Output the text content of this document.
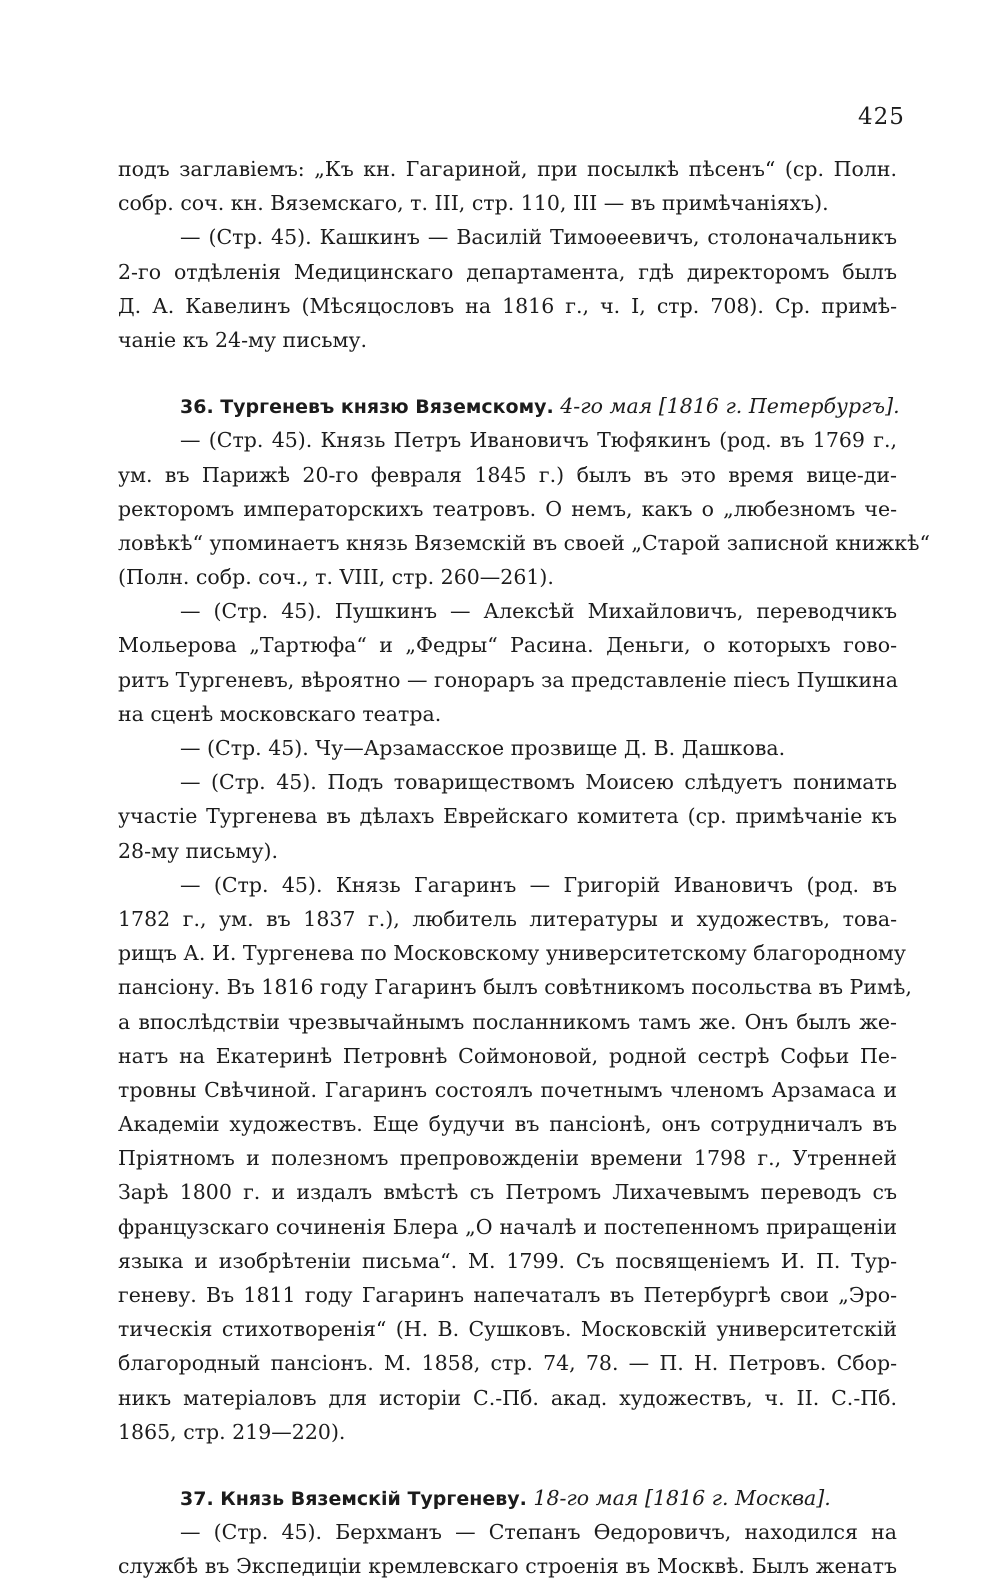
425
подъ заглавіемъ: „Къ кн. Гагариной, при посылкѣ пѣсенъ“ (ср. Полн.
собр. соч. кн. Вяземскаго, т. III, стр. 110, III — въ примѣчаніяхъ).
— (Стр. 45). Кашкинъ — Василій Тимоѳеевичъ, столоначальникъ
2-го отдѣленія Медицинскаго департамента, гдѣ директоромъ былъ
Д. А. Кавелинъ (Мѣсяцословъ на 1816 г., ч. I, стр. 708). Ср. примѣ-
чаніе къ 24-му письму.
36. Тургеневъ князю Вяземскому. 4-го мая [1816 г. Петербургъ].
— (Стр. 45). Князь Петръ Ивановичъ Тюфякинъ (род. въ 1769 г.,
ум. въ Парижѣ 20-го февраля 1845 г.) былъ въ это время вице-ди-
ректоромъ императорскихъ театровъ. О немъ, какъ о „любезномъ че-
ловѣкѣ“ упоминаетъ князь Вяземскій въ своей „Старой записной книжкѣ“
(Полн. собр. соч., т. VIII, стр. 260—261).
— (Стр. 45). Пушкинъ — Алексѣй Михайловичъ, переводчикъ
Мольерова „Тартюфа“ и „Федры“ Расина. Деньги, о которыхъ гово-
ритъ Тургеневъ, вѣроятно — гонораръ за представленіе піесъ Пушкина
на сценѣ московскаго театра.
— (Стр. 45). Чу—Арзамасское прозвище Д. В. Дашкова.
— (Стр. 45). Подъ товариществомъ Моисею слѣдуетъ понимать
участіе Тургенева въ дѣлахъ Еврейскаго комитета (ср. примѣчаніе къ
28-му письму).
— (Стр. 45). Князь Гагаринъ — Григорій Ивановичъ (род. въ
1782 г., ум. въ 1837 г.), любитель литературы и художествъ, това-
рищъ А. И. Тургенева по Московскому университетскому благородному
пансіону. Въ 1816 году Гагаринъ былъ совѣтникомъ посольства въ Римѣ,
а впослѣдствіи чрезвычайнымъ посланникомъ тамъ же. Онъ былъ же-
натъ на Екатеринѣ Петровнѣ Соймоновой, родной сестрѣ Софьи Пе-
тровны Свѣчиной. Гагаринъ состоялъ почетнымъ членомъ Арзамаса и
Академіи художествъ. Еще будучи въ пансіонѣ, онъ сотрудничалъ въ
Пріятномъ и полезномъ препровожденіи времени 1798 г., Утренней
Зарѣ 1800 г. и издалъ вмѣстѣ съ Петромъ Лихачевымъ переводъ съ
французскаго сочиненія Блера „О началѣ и постепенномъ приращеніи
языка и изобрѣтеніи письма“. М. 1799. Съ посвященіемъ И. П. Тур-
геневу. Въ 1811 году Гагаринъ напечаталъ въ Петербургѣ свои „Эро-
тическія стихотворенія“ (Н. В. Сушковъ. Московскій университетскій
благородный пансіонъ. М. 1858, стр. 74, 78. — П. Н. Петровъ. Сбор-
никъ матеріаловъ для исторіи С.-Пб. акад. художествъ, ч. II. С.-Пб.
1865, стр. 219—220).
37. Князь Вяземскій Тургеневу. 18-го мая [1816 г. Москва].
— (Стр. 45). Берхманъ — Степанъ Ѳедоровичъ, находился на
службѣ въ Экспедиціи кремлевскаго строенія въ Москвѣ. Былъ женатъ
